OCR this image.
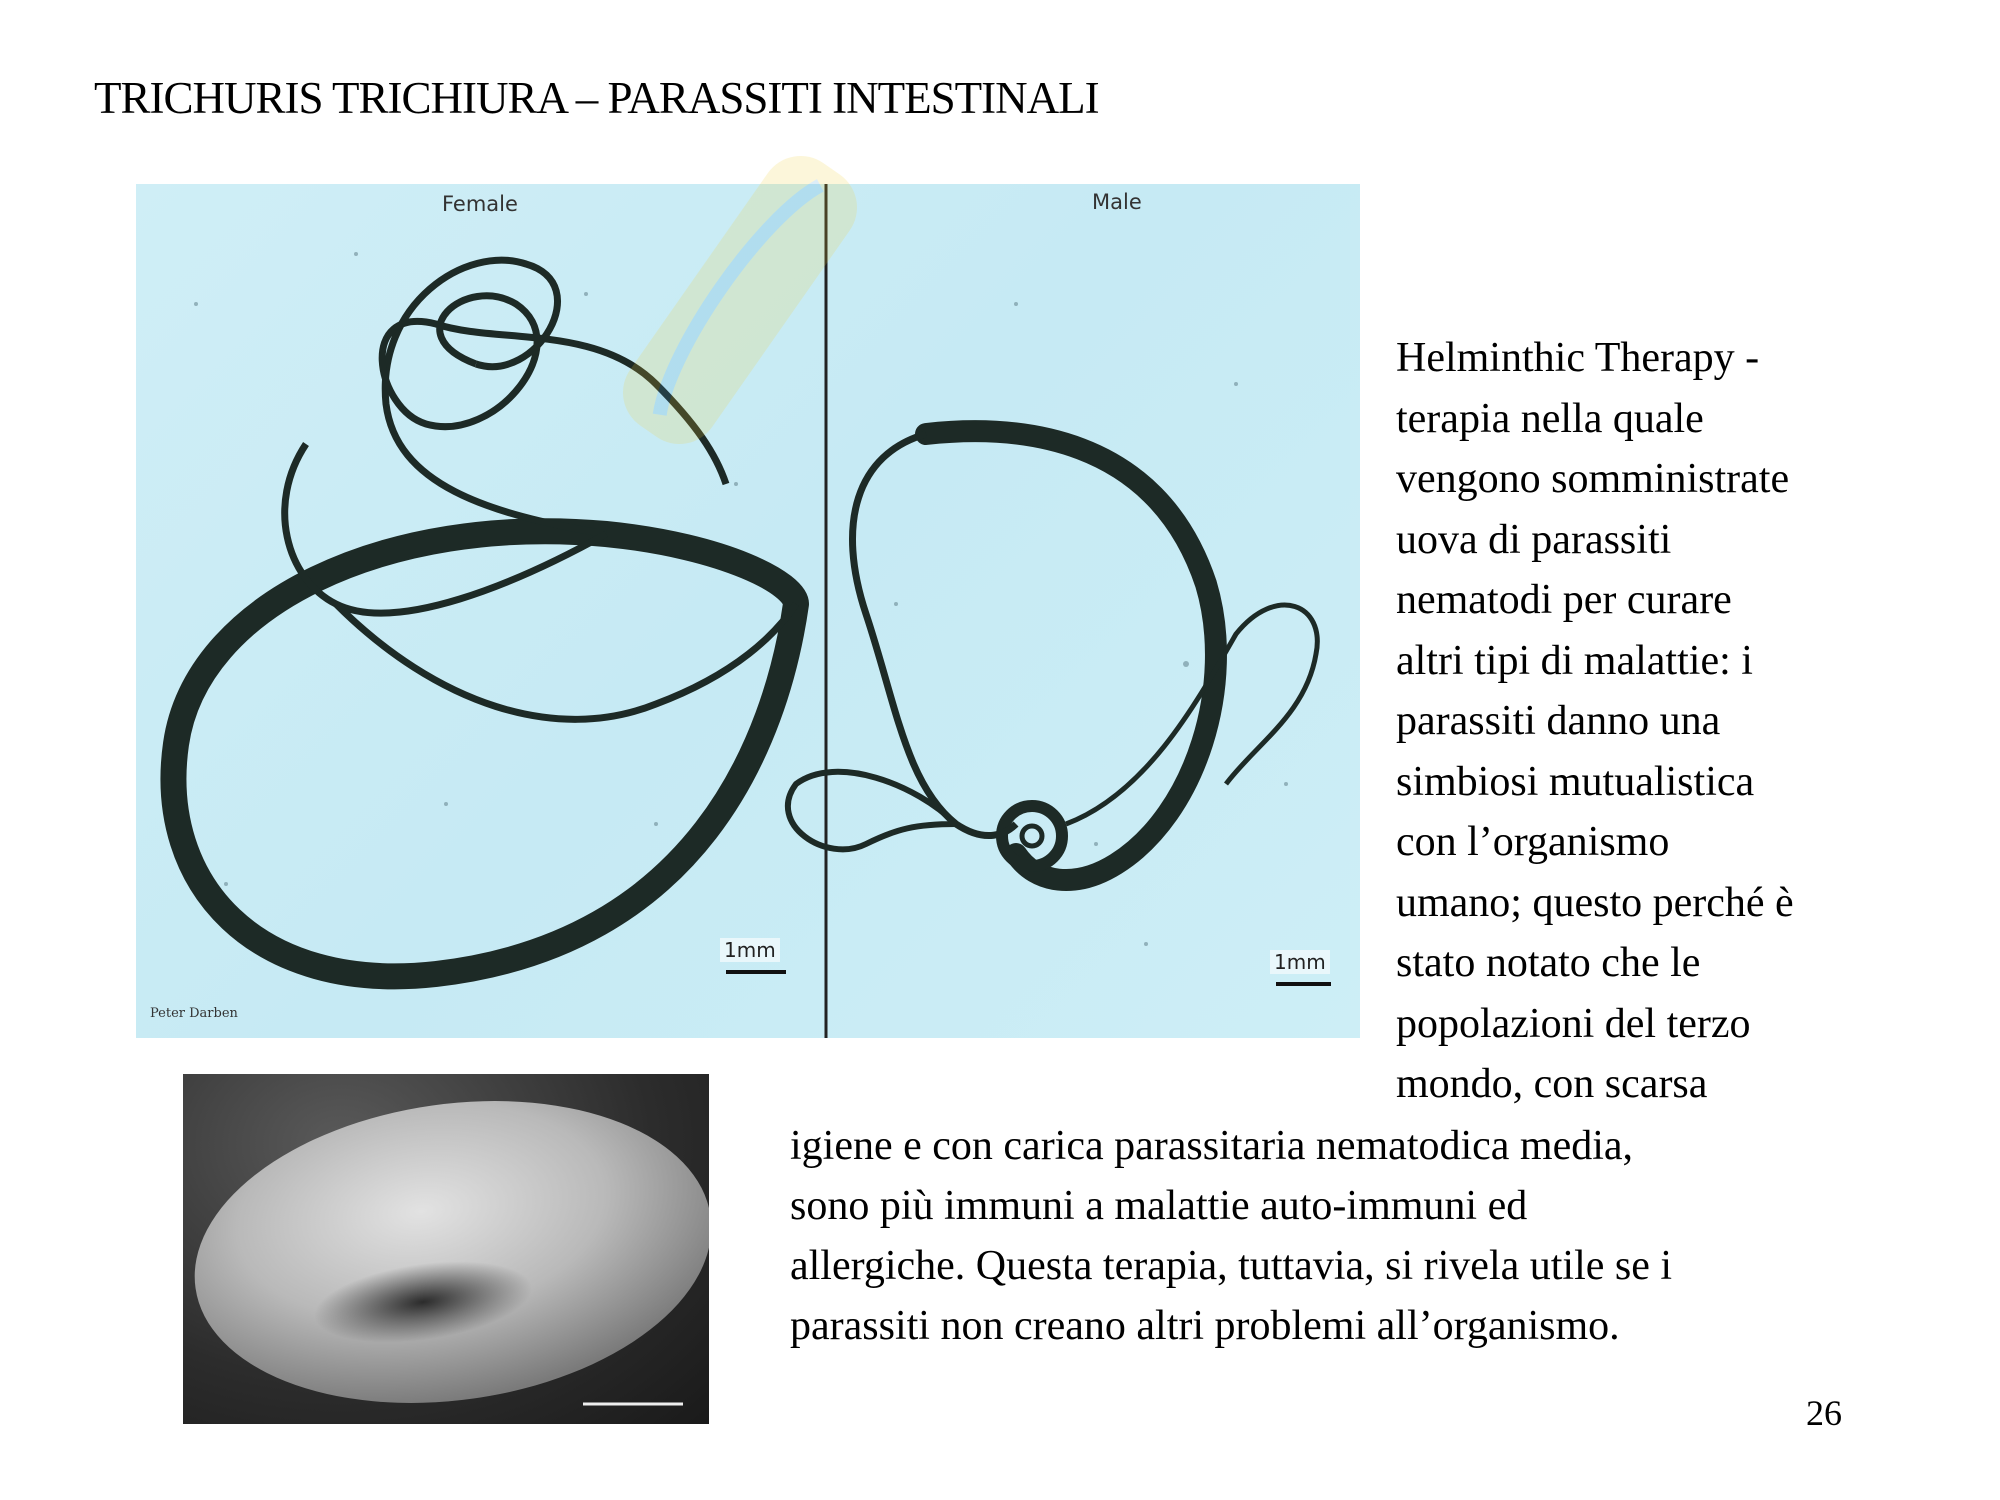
TRICHURIS TRICHIURA – PARASSITI INTESTINALI
Female	Male
1mm	1mm
Peter Darben
Helminthic Therapy -
terapia nella quale
vengono somministrate
uova di parassiti
nematodi per curare
altri tipi di malattie: i
parassiti danno una
simbiosi mutualistica
con l’organismo
umano; questo perché è
stato notato che le
popolazioni del terzo
mondo, con scarsa
igiene e con carica parassitaria nematodica media,
sono più immuni a malattie auto-immuni ed
allergiche. Questa terapia, tuttavia, si rivela utile se i
parassiti non creano altri problemi all’organismo.
26
